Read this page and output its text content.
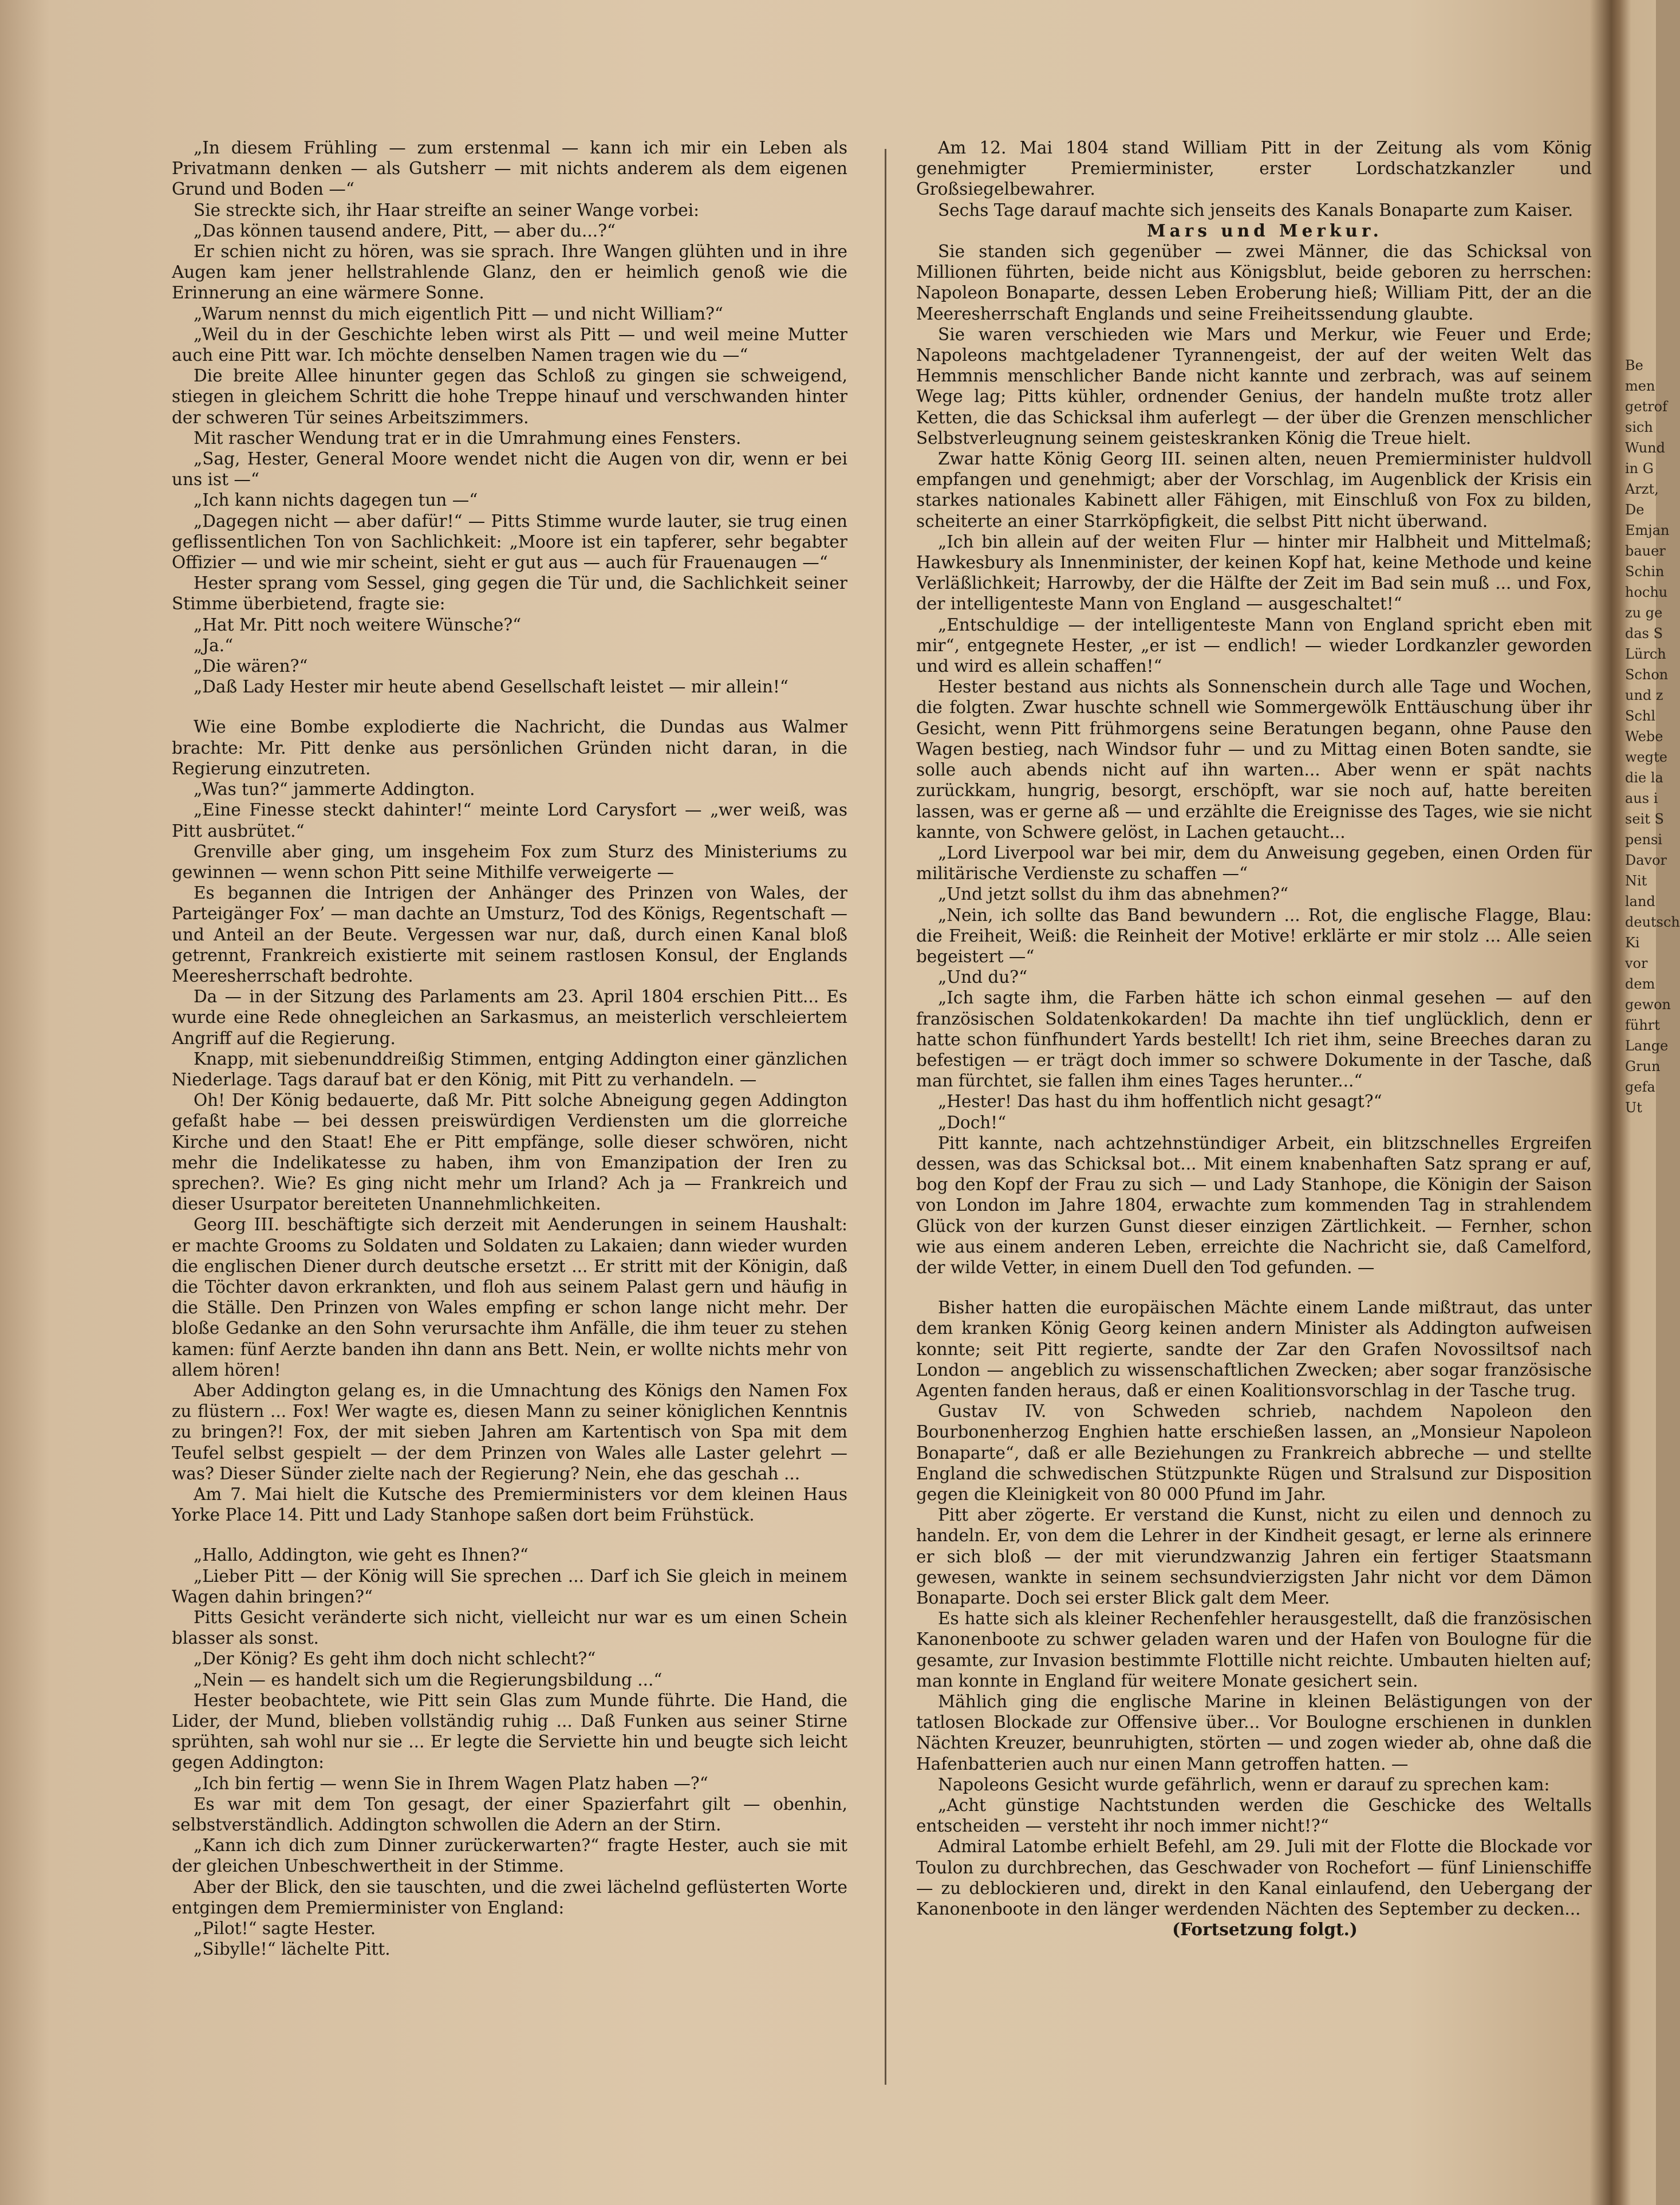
„In diesem Frühling — zum erstenmal — kann ich mir ein Leben als Privatmann denken — als Gutsherr — mit nichts anderem als dem eigenen Grund und Boden —“

Sie streckte sich, ihr Haar streifte an seiner Wange vorbei:

„Das können tausend andere, Pitt, — aber du...?“

Er schien nicht zu hören, was sie sprach. Ihre Wangen glühten und in ihre Augen kam jener hellstrahlende Glanz, den er heimlich genoß wie die Erinnerung an eine wärmere Sonne.

„Warum nennst du mich eigentlich Pitt — und nicht William?“

„Weil du in der Geschichte leben wirst als Pitt — und weil meine Mutter auch eine Pitt war. Ich möchte denselben Namen tragen wie du —“

Die breite Allee hinunter gegen das Schloß zu gingen sie schweigend, stiegen in gleichem Schritt die hohe Treppe hinauf und verschwanden hinter der schweren Tür seines Arbeitszimmers.

Mit rascher Wendung trat er in die Umrahmung eines Fensters.

„Sag, Hester, General Moore wendet nicht die Augen von dir, wenn er bei uns ist —“

„Ich kann nichts dagegen tun —“

„Dagegen nicht — aber dafür!“ — Pitts Stimme wurde lauter, sie trug einen geflissentlichen Ton von Sachlichkeit: „Moore ist ein tapferer, sehr begabter Offizier — und wie mir scheint, sieht er gut aus — auch für Frauenaugen —“

Hester sprang vom Sessel, ging gegen die Tür und, die Sachlichkeit seiner Stimme überbietend, fragte sie:

„Hat Mr. Pitt noch weitere Wünsche?“

„Ja.“

„Die wären?“

„Daß Lady Hester mir heute abend Gesellschaft leistet — mir allein!“

Wie eine Bombe explodierte die Nachricht, die Dundas aus Walmer brachte: Mr. Pitt denke aus persönlichen Gründen nicht daran, in die Regierung einzutreten.

„Was tun?“ jammerte Addington.

„Eine Finesse steckt dahinter!“ meinte Lord Carysfort — „wer weiß, was Pitt ausbrütet.“

Grenville aber ging, um insgeheim Fox zum Sturz des Ministeriums zu gewinnen — wenn schon Pitt seine Mithilfe verweigerte —

Es begannen die Intrigen der Anhänger des Prinzen von Wales, der Parteigänger Fox’ — man dachte an Umsturz, Tod des Königs, Regentschaft — und Anteil an der Beute. Vergessen war nur, daß, durch einen Kanal bloß getrennt, Frankreich existierte mit seinem rastlosen Konsul, der Englands Meeresherrschaft bedrohte.

Da — in der Sitzung des Parlaments am 23. April 1804 erschien Pitt... Es wurde eine Rede ohnegleichen an Sarkasmus, an meisterlich verschleiertem Angriff auf die Regierung.

Knapp, mit siebenunddreißig Stimmen, entging Addington einer gänzlichen Niederlage. Tags darauf bat er den König, mit Pitt zu verhandeln. —

Oh! Der König bedauerte, daß Mr. Pitt solche Abneigung gegen Addington gefaßt habe — bei dessen preiswürdigen Verdiensten um die glorreiche Kirche und den Staat! Ehe er Pitt empfänge, solle dieser schwören, nicht mehr die Indelikatesse zu haben, ihm von Emanzipation der Iren zu sprechen?. Wie? Es ging nicht mehr um Irland? Ach ja — Frankreich und dieser Usurpator bereiteten Unannehmlichkeiten.

Georg III. beschäftigte sich derzeit mit Aenderungen in seinem Haushalt: er machte Grooms zu Soldaten und Soldaten zu Lakaien; dann wieder wurden die englischen Diener durch deutsche ersetzt ... Er stritt mit der Königin, daß die Töchter davon erkrankten, und floh aus seinem Palast gern und häufig in die Ställe. Den Prinzen von Wales empfing er schon lange nicht mehr. Der bloße Gedanke an den Sohn verursachte ihm Anfälle, die ihm teuer zu stehen kamen: fünf Aerzte banden ihn dann ans Bett. Nein, er wollte nichts mehr von allem hören!

Aber Addington gelang es, in die Umnachtung des Königs den Namen Fox zu flüstern ... Fox! Wer wagte es, diesen Mann zu seiner königlichen Kenntnis zu bringen?! Fox, der mit sieben Jahren am Kartentisch von Spa mit dem Teufel selbst gespielt — der dem Prinzen von Wales alle Laster gelehrt — was? Dieser Sünder zielte nach der Regierung? Nein, ehe das geschah ...

Am 7. Mai hielt die Kutsche des Premierministers vor dem kleinen Haus Yorke Place 14. Pitt und Lady Stanhope saßen dort beim Frühstück.

„Hallo, Addington, wie geht es Ihnen?“

„Lieber Pitt — der König will Sie sprechen ... Darf ich Sie gleich in meinem Wagen dahin bringen?“

Pitts Gesicht veränderte sich nicht, vielleicht nur war es um einen Schein blasser als sonst.

„Der König? Es geht ihm doch nicht schlecht?“

„Nein — es handelt sich um die Regierungsbildung ...“

Hester beobachtete, wie Pitt sein Glas zum Munde führte. Die Hand, die Lider, der Mund, blieben vollständig ruhig ... Daß Funken aus seiner Stirne sprühten, sah wohl nur sie ... Er legte die Serviette hin und beugte sich leicht gegen Addington:

„Ich bin fertig — wenn Sie in Ihrem Wagen Platz haben —?“

Es war mit dem Ton gesagt, der einer Spazierfahrt gilt — obenhin, selbstverständlich. Addington schwollen die Adern an der Stirn.

„Kann ich dich zum Dinner zurückerwarten?“ fragte Hester, auch sie mit der gleichen Unbeschwertheit in der Stimme.

Aber der Blick, den sie tauschten, und die zwei lächelnd geflüsterten Worte entgingen dem Premierminister von England:

„Pilot!“ sagte Hester.

„Sibylle!“ lächelte Pitt.

Am 12. Mai 1804 stand William Pitt in der Zeitung als vom König genehmigter Premierminister, erster Lordschatzkanzler und Großsiegelbewahrer.

Sechs Tage darauf machte sich jenseits des Kanals Bonaparte zum Kaiser.

Mars und Merkur.

Sie standen sich gegenüber — zwei Männer, die das Schicksal von Millionen führten, beide nicht aus Königsblut, beide geboren zu herrschen: Napoleon Bonaparte, dessen Leben Eroberung hieß; William Pitt, der an die Meeresherrschaft Englands und seine Freiheitssendung glaubte.

Sie waren verschieden wie Mars und Merkur, wie Feuer und Erde; Napoleons machtgeladener Tyrannengeist, der auf der weiten Welt das Hemmnis menschlicher Bande nicht kannte und zerbrach, was auf seinem Wege lag; Pitts kühler, ordnender Genius, der handeln mußte trotz aller Ketten, die das Schicksal ihm auferlegt — der über die Grenzen menschlicher Selbstverleugnung seinem geisteskranken König die Treue hielt.

Zwar hatte König Georg III. seinen alten, neuen Premierminister huldvoll empfangen und genehmigt; aber der Vorschlag, im Augenblick der Krisis ein starkes nationales Kabinett aller Fähigen, mit Einschluß von Fox zu bilden, scheiterte an einer Starrköpfigkeit, die selbst Pitt nicht überwand.

„Ich bin allein auf der weiten Flur — hinter mir Halbheit und Mittelmaß; Hawkesbury als Innenminister, der keinen Kopf hat, keine Methode und keine Verläßlichkeit; Harrowby, der die Hälfte der Zeit im Bad sein muß ... und Fox, der intelligenteste Mann von England — ausgeschaltet!“

„Entschuldige — der intelligenteste Mann von England spricht eben mit mir“, entgegnete Hester, „er ist — endlich! — wieder Lordkanzler geworden und wird es allein schaffen!“

Hester bestand aus nichts als Sonnenschein durch alle Tage und Wochen, die folgten. Zwar huschte schnell wie Sommergewölk Enttäuschung über ihr Gesicht, wenn Pitt frühmorgens seine Beratungen begann, ohne Pause den Wagen bestieg, nach Windsor fuhr — und zu Mittag einen Boten sandte, sie solle auch abends nicht auf ihn warten... Aber wenn er spät nachts zurückkam, hungrig, besorgt, erschöpft, war sie noch auf, hatte bereiten lassen, was er gerne aß — und erzählte die Ereignisse des Tages, wie sie nicht kannte, von Schwere gelöst, in Lachen getaucht...

„Lord Liverpool war bei mir, dem du Anweisung gegeben, einen Orden für militärische Verdienste zu schaffen —“

„Und jetzt sollst du ihm das abnehmen?“

„Nein, ich sollte das Band bewundern ... Rot, die englische Flagge, Blau: die Freiheit, Weiß: die Reinheit der Motive! erklärte er mir stolz ... Alle seien begeistert —“

„Und du?“

„Ich sagte ihm, die Farben hätte ich schon einmal gesehen — auf den französischen Soldatenkokarden! Da machte ihn tief unglücklich, denn er hatte schon fünfhundert Yards bestellt! Ich riet ihm, seine Breeches daran zu befestigen — er trägt doch immer so schwere Dokumente in der Tasche, daß man fürchtet, sie fallen ihm eines Tages herunter...“

„Hester! Das hast du ihm hoffentlich nicht gesagt?“

„Doch!“

Pitt kannte, nach achtzehnstündiger Arbeit, ein blitzschnelles Ergreifen dessen, was das Schicksal bot... Mit einem knabenhaften Satz sprang er auf, bog den Kopf der Frau zu sich — und Lady Stanhope, die Königin der Saison von London im Jahre 1804, erwachte zum kommenden Tag in strahlendem Glück von der kurzen Gunst dieser einzigen Zärtlichkeit. — Fernher, schon wie aus einem anderen Leben, erreichte die Nachricht sie, daß Camelford, der wilde Vetter, in einem Duell den Tod gefunden. —

Bisher hatten die europäischen Mächte einem Lande mißtraut, das unter dem kranken König Georg keinen andern Minister als Addington aufweisen konnte; seit Pitt regierte, sandte der Zar den Grafen Novossiltsof nach London — angeblich zu wissenschaftlichen Zwecken; aber sogar französische Agenten fanden heraus, daß er einen Koalitionsvorschlag in der Tasche trug.

Gustav IV. von Schweden schrieb, nachdem Napoleon den Bourbonenherzog Enghien hatte erschießen lassen, an „Monsieur Napoleon Bonaparte“, daß er alle Beziehungen zu Frankreich abbreche — und stellte England die schwedischen Stützpunkte Rügen und Stralsund zur Disposition gegen die Kleinigkeit von 80 000 Pfund im Jahr.

Pitt aber zögerte. Er verstand die Kunst, nicht zu eilen und dennoch zu handeln. Er, von dem die Lehrer in der Kindheit gesagt, er lerne als erinnere er sich bloß — der mit vierundzwanzig Jahren ein fertiger Staatsmann gewesen, wankte in seinem sechsundvierzigsten Jahr nicht vor dem Dämon Bonaparte. Doch sei erster Blick galt dem Meer.

Es hatte sich als kleiner Rechenfehler herausgestellt, daß die französischen Kanonenboote zu schwer geladen waren und der Hafen von Boulogne für die gesamte, zur Invasion bestimmte Flottille nicht reichte. Umbauten hielten auf; man konnte in England für weitere Monate gesichert sein.

Mählich ging die englische Marine in kleinen Belästigungen von der tatlosen Blockade zur Offensive über... Vor Boulogne erschienen in dunklen Nächten Kreuzer, beunruhigten, störten — und zogen wieder ab, ohne daß die Hafenbatterien auch nur einen Mann getroffen hatten. —

Napoleons Gesicht wurde gefährlich, wenn er darauf zu sprechen kam:

„Acht günstige Nachtstunden werden die Geschicke des Weltalls entscheiden — versteht ihr noch immer nicht!?“

Admiral Latombe erhielt Befehl, am 29. Juli mit der Flotte die Blockade vor Toulon zu durchbrechen, das Geschwader von Rochefort — fünf Linienschiffe — zu deblockieren und, direkt in den Kanal einlaufend, den Uebergang der Kanonenboote in den länger werdenden Nächten des September zu decken...

(Fortsetzung folgt.)

Be
men
getrof
sich
Wund
in G
Arzt,
De
Emjan
bauer
Schin
hochu
zu ge
das S
Lürch
Schon
und z
Schl
Webe
wegte
die la
aus i
seit S
pensi
Davor
Nit
land
deutsch
Ki
vor
dem
gewon
führt
Lange
Grun
gefa
Ut
